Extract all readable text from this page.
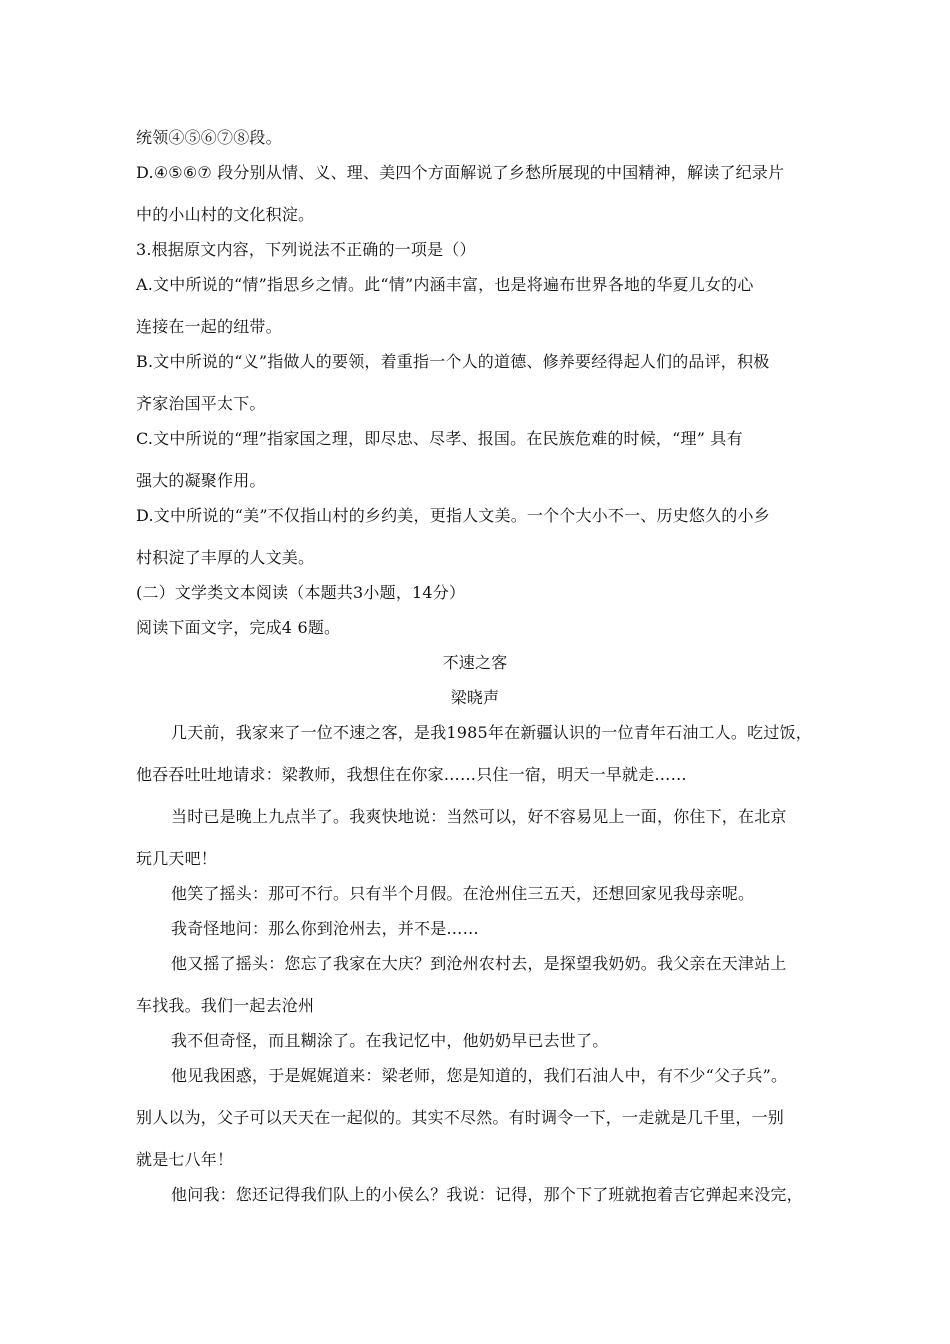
统领④⑤⑥⑦⑧段。
D.④⑤⑥⑦ 段分别从情、义、理、美四个方面解说了乡愁所展现的中国精神，解读了纪录片
中的小山村的文化积淀。
3.根据原文内容，下列说法不正确的一项是（）
A.文中所说的“情”指思乡之情。此“情”内涵丰富，也是将遍布世界各地的华夏儿女的心
连接在一起的纽带。
B.文中所说的“义”指做人的要领，着重指一个人的道德、修养要经得起人们的品评，积极
齐家治国平太下。
C.文中所说的“理”指家国之理，即尽忠、尽孝、报国。在民族危难的时候，“理” 具有
强大的凝聚作用。
D.文中所说的“美”不仅指山村的乡约美，更指人文美。一个个大小不一、历史悠久的小乡
村积淀了丰厚的人文美。
(二）文学类文本阅读（本题共3小题，14分）
阅读下面文字，完成4 6题。
不速之客
梁晓声
几天前，我家来了一位不速之客，是我1985年在新疆认识的一位青年石油工人。吃过饭，
他吞吞吐吐地请求：梁教师，我想住在你家……只住一宿，明天一早就走……
当时已是晚上九点半了。我爽快地说：当然可以，好不容易见上一面，你住下，在北京
玩几天吧！
他笑了摇头：那可不行。只有半个月假。在沧州住三五天，还想回家见我母亲呢。
我奇怪地问：那么你到沧州去，并不是……
他又摇了摇头：您忘了我家在大庆？到沧州农村去，是探望我奶奶。我父亲在天津站上
车找我。我们一起去沧州
我不但奇怪，而且糊涂了。在我记忆中，他奶奶早已去世了。
他见我困惑，于是娓娓道来：梁老师，您是知道的，我们石油人中，有不少“父子兵”。
别人以为，父子可以天天在一起似的。其实不尽然。有时调令一下，一走就是几千里，一别
就是七八年！
他问我：您还记得我们队上的小侯么？我说：记得，那个下了班就抱着吉它弹起来没完，
